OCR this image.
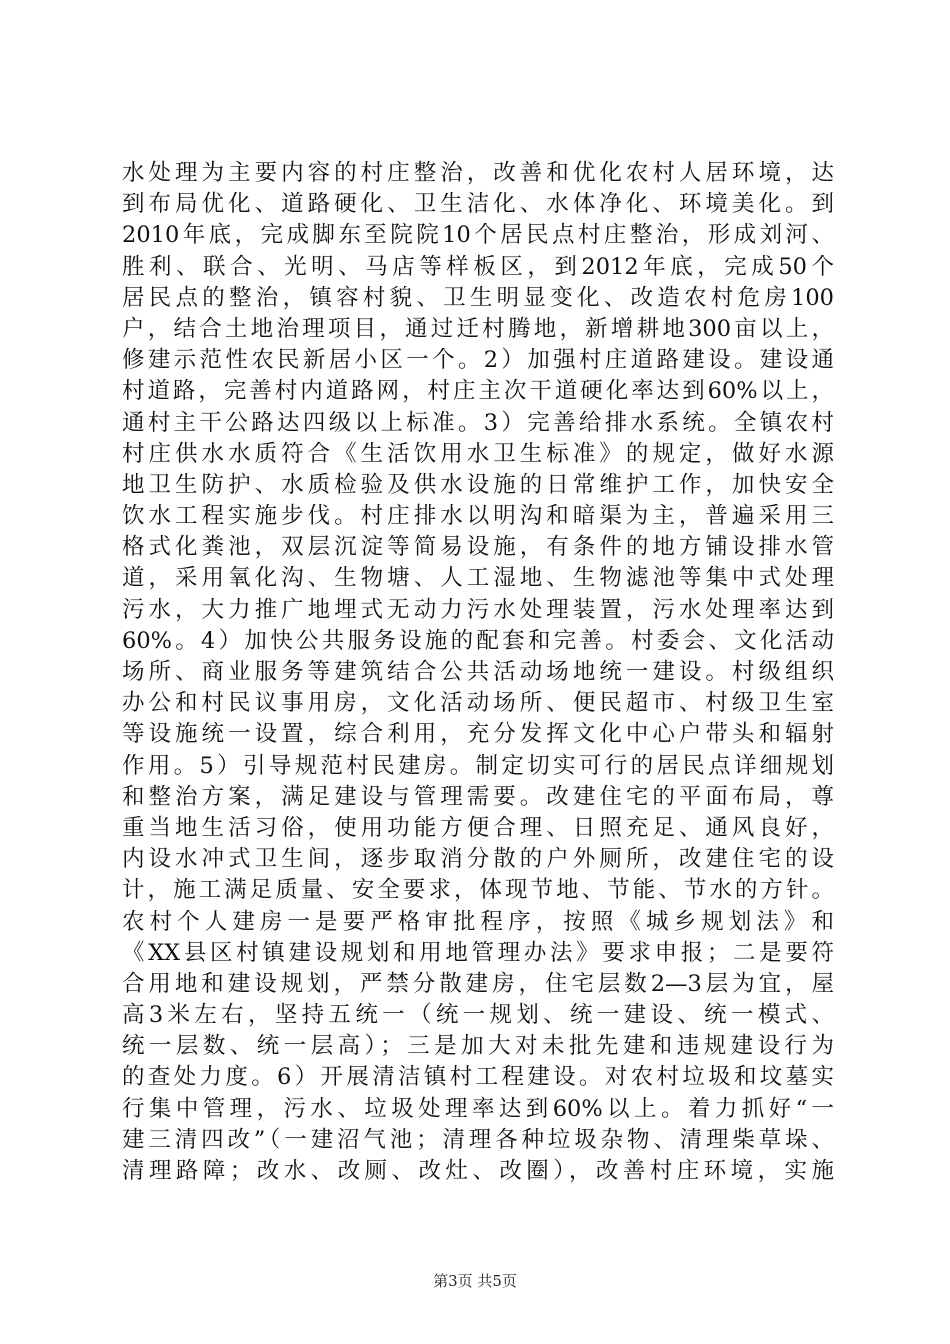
水处理为主要内容的村庄整治，改善和优化农村人居环境，达
到布局优化、道路硬化、卫生洁化、水体净化、环境美化。到
2010年底，完成脚东至院院10个居民点村庄整治，形成刘河、
胜利、联合、光明、马店等样板区，到2012年底，完成50个
居民点的整治，镇容村貌、卫生明显变化、改造农村危房100
户，结合土地治理项目，通过迁村腾地，新增耕地300亩以上，
修建示范性农民新居小区一个。2）加强村庄道路建设。建设通
村道路，完善村内道路网，村庄主次干道硬化率达到60%以上，
通村主干公路达四级以上标准。3）完善给排水系统。全镇农村
村庄供水水质符合《生活饮用水卫生标准》的规定，做好水源
地卫生防护、水质检验及供水设施的日常维护工作，加快安全
饮水工程实施步伐。村庄排水以明沟和暗渠为主，普遍采用三
格式化粪池，双层沉淀等简易设施，有条件的地方铺设排水管
道，采用氧化沟、生物塘、人工湿地、生物滤池等集中式处理
污水，大力推广地埋式无动力污水处理装置，污水处理率达到
60%。4）加快公共服务设施的配套和完善。村委会、文化活动
场所、商业服务等建筑结合公共活动场地统一建设。村级组织
办公和村民议事用房，文化活动场所、便民超市、村级卫生室
等设施统一设置，综合利用，充分发挥文化中心户带头和辐射
作用。5）引导规范村民建房。制定切实可行的居民点详细规划
和整治方案，满足建设与管理需要。改建住宅的平面布局，尊
重当地生活习俗，使用功能方便合理、日照充足、通风良好，
内设水冲式卫生间，逐步取消分散的户外厕所，改建住宅的设
计，施工满足质量、安全要求，体现节地、节能、节水的方针。
农村个人建房一是要严格审批程序，按照《城乡规划法》和
《XX县区村镇建设规划和用地管理办法》要求申报；二是要符
合用地和建设规划，严禁分散建房，住宅层数2—3层为宜，屋
高3米左右，坚持五统一（统一规划、统一建设、统一模式、
统一层数、统一层高）；三是加大对未批先建和违规建设行为
的查处力度。6）开展清洁镇村工程建设。对农村垃圾和坟墓实
行集中管理，污水、垃圾处理率达到60%以上。着力抓好“一
建三清四改”（一建沼气池；清理各种垃圾杂物、清理柴草垛、
清理路障；改水、改厕、改灶、改圈），改善村庄环境，实施
第3页 共5页
